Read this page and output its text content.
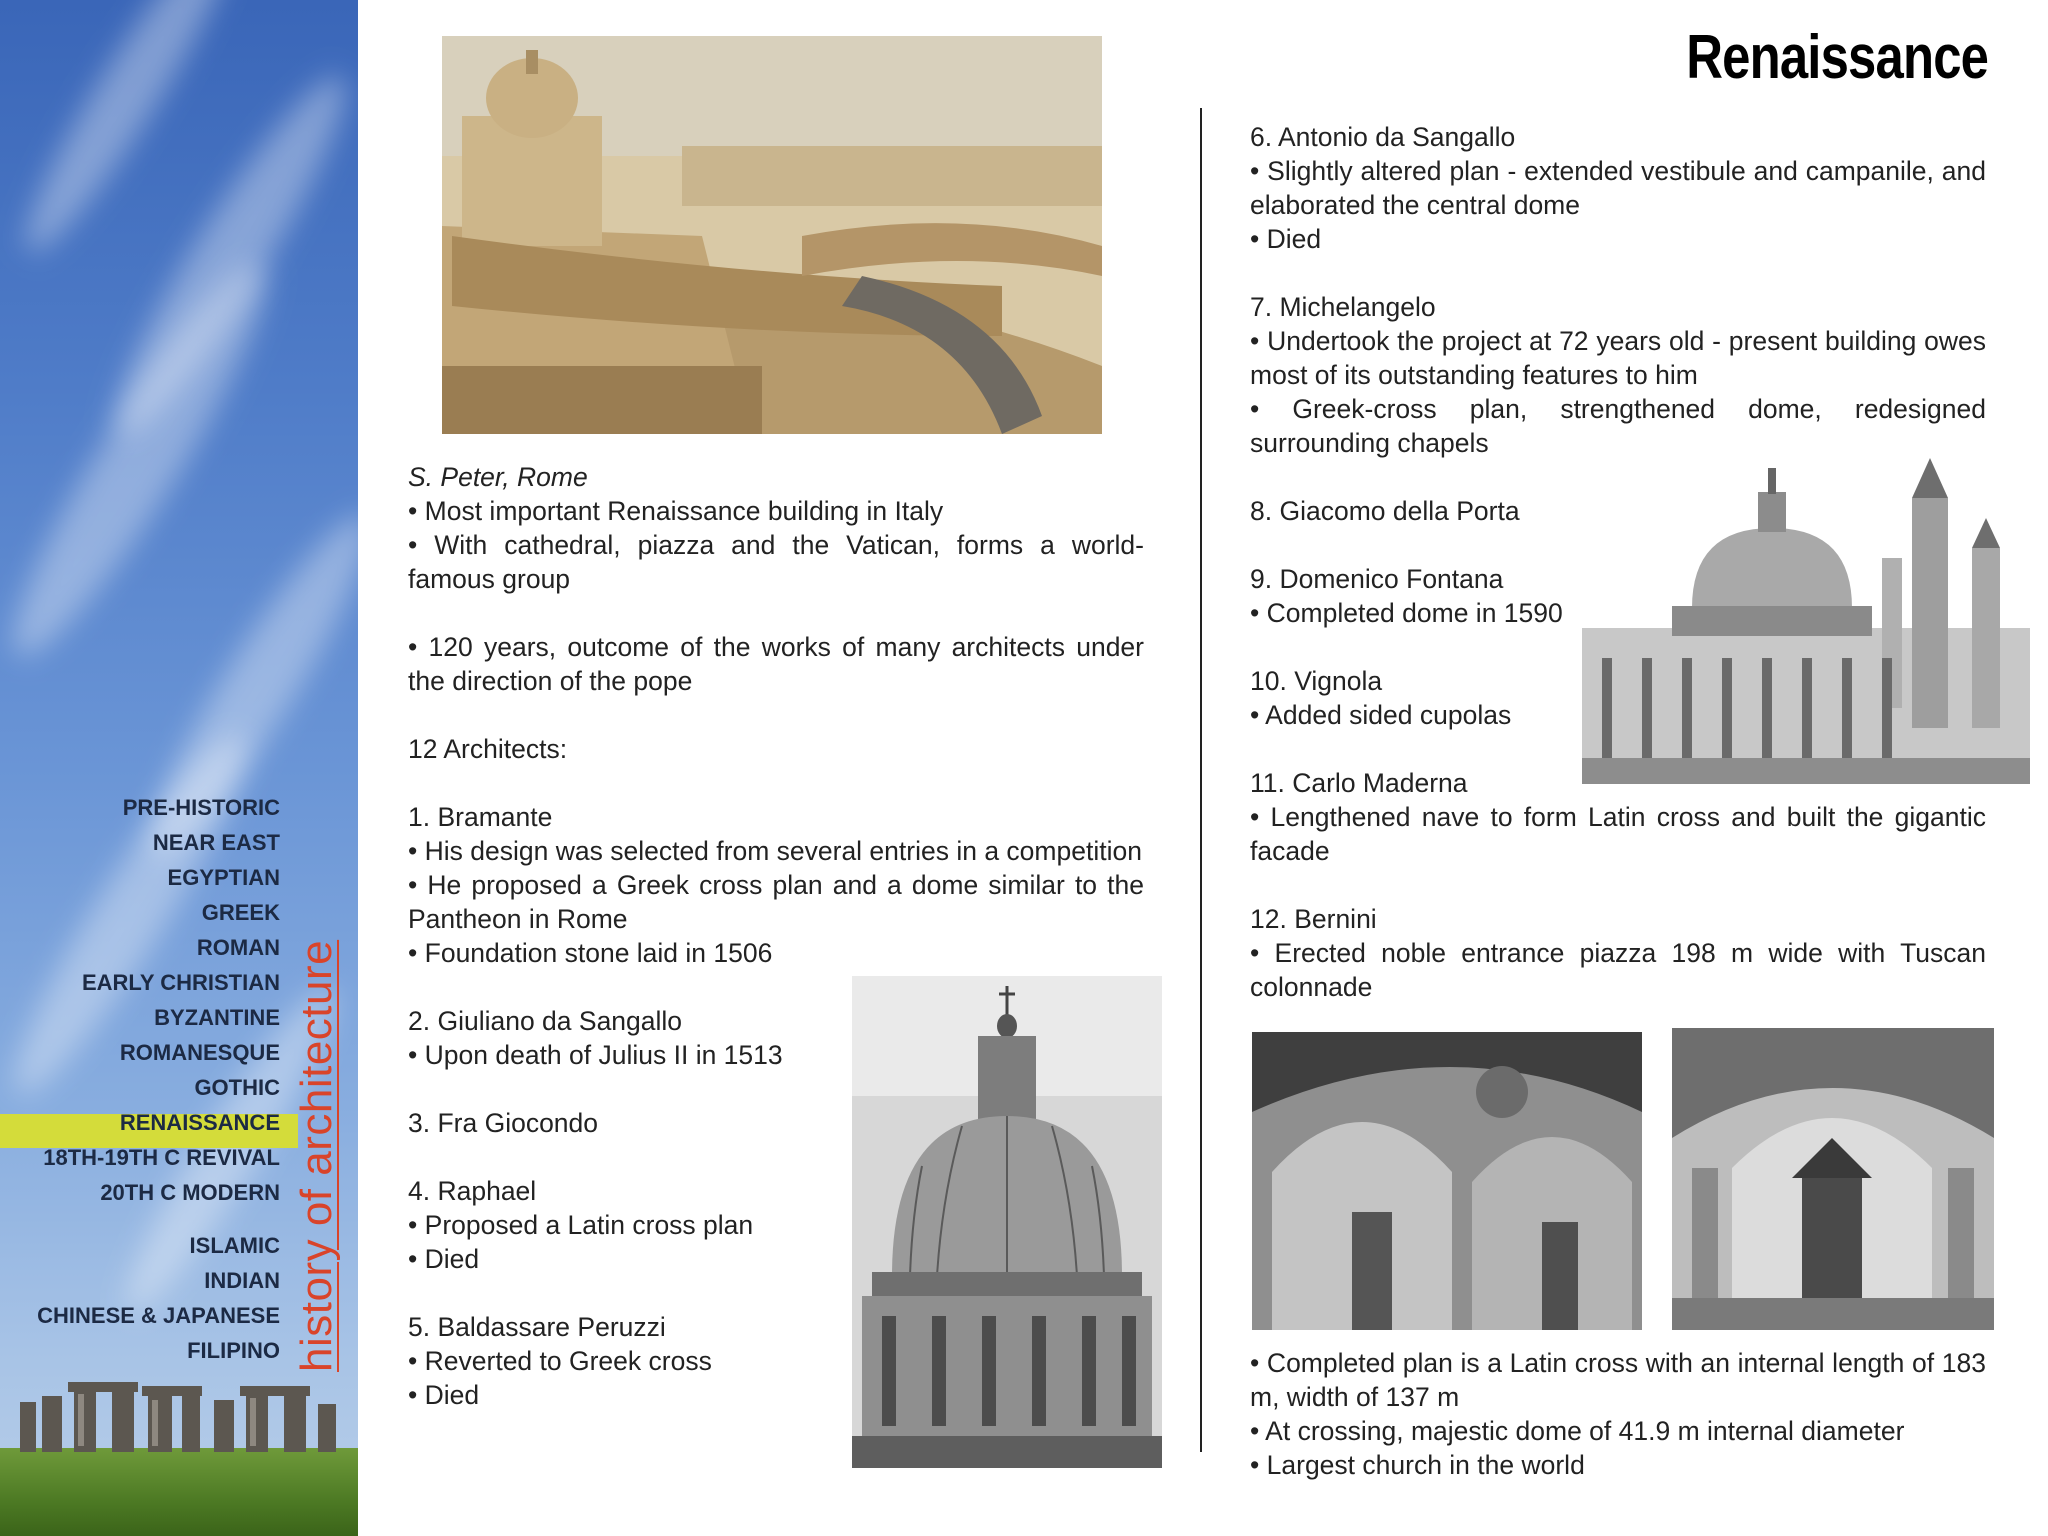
PRE-HISTORIC
NEAR EAST
EGYPTIAN
GREEK
ROMAN
EARLY CHRISTIAN
BYZANTINE
ROMANESQUE
GOTHIC
RENAISSANCE
18TH-19TH C REVIVAL
20TH C MODERN
ISLAMIC
INDIAN
CHINESE & JAPANESE
FILIPINO history of architecture
Renaissance

S. Peter, Rome

• Most important Renaissance building in Italy

• With cathedral, piazza and the Vatican, forms a world-famous group

• 120 years, outcome of the works of many architects under the direction of the pope

12 Architects:

1. Bramante

• His design was selected from several entries in a competition

• He proposed a Greek cross plan and a dome similar to the Pantheon in Rome

• Foundation stone laid in 1506

2. Giuliano da Sangallo

• Upon death of Julius II in 1513

3. Fra Giocondo

4. Raphael

• Proposed a Latin cross plan

• Died

5. Baldassare Peruzzi

• Reverted to Greek cross

• Died

6. Antonio da Sangallo

• Slightly altered plan - extended vestibule and campanile, and elaborated the central dome

• Died

7. Michelangelo

• Undertook the project at 72 years old - present building owes most of its outstanding features to him

• Greek-cross plan, strengthened dome, redesigned surrounding chapels

8. Giacomo della Porta

9. Domenico Fontana

• Completed dome in 1590

10. Vignola

• Added sided cupolas

11. Carlo Maderna

• Lengthened nave to form Latin cross and built the gigantic facade

12. Bernini

• Erected noble entrance piazza 198 m wide with Tuscan colonnade

• Completed plan is a Latin cross with an internal length of 183 m, width of 137 m

• At crossing, majestic dome of 41.9 m internal diameter

• Largest church in the world
